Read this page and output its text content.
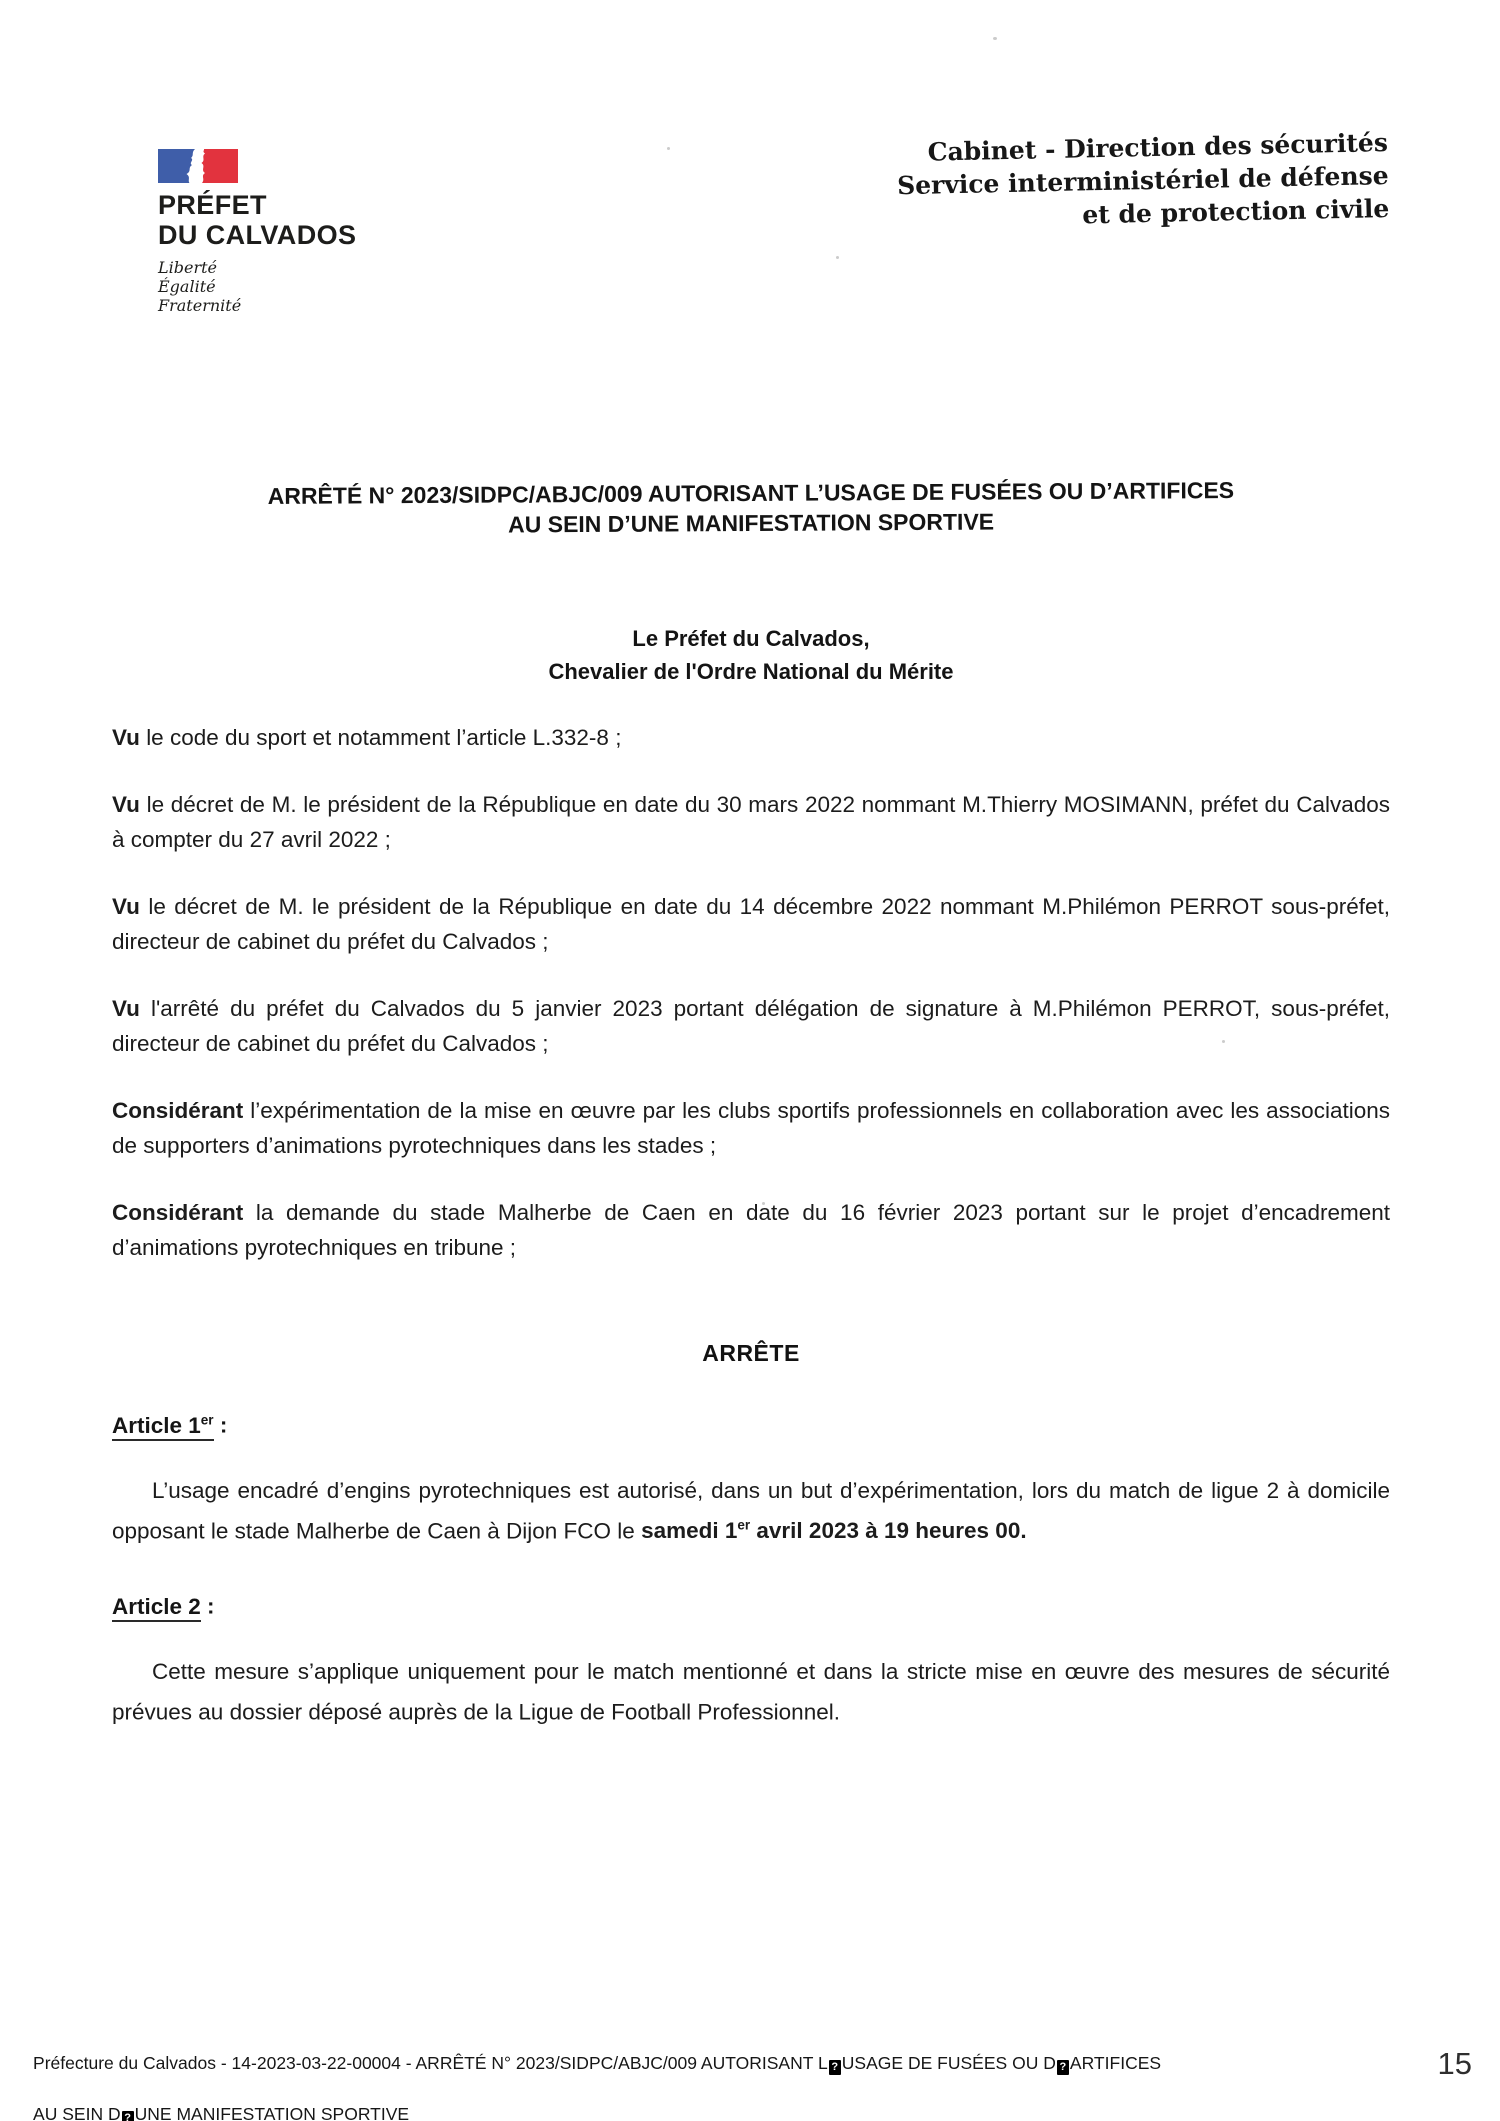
PRÉFET
DU CALVADOS
Liberté
Égalité
Fraternité
Cabinet - Direction des sécurités
Service interministériel de défense
et de protection civile
ARRÊTÉ N° 2023/SIDPC/ABJC/009 AUTORISANT L’USAGE DE FUSÉES OU D’ARTIFICES
AU SEIN D’UNE MANIFESTATION SPORTIVE
Le Préfet du Calvados,
Chevalier de l'Ordre National du Mérite

Vu le code du sport et notamment l’article L.332-8 ;

Vu le décret de M. le président de la République en date du 30 mars 2022 nommant M.Thierry MOSIMANN, préfet du Calvados à compter du 27 avril 2022 ;

Vu le décret de M. le président de la République en date du 14 décembre 2022 nommant M.Philémon PERROT sous-préfet, directeur de cabinet du préfet du Calvados ;

Vu l'arrêté du préfet du Calvados du 5 janvier 2023 portant délégation de signature à M.Philémon PERROT, sous-préfet, directeur de cabinet du préfet du Calvados ;

Considérant l’expérimentation de la mise en œuvre par les clubs sportifs professionnels en collaboration avec les associations de supporters d’animations pyrotechniques dans les stades ;

Considérant la demande du stade Malherbe de Caen en date du 16 février 2023 portant sur le projet d’encadrement d’animations pyrotechniques en tribune ;

ARRÊTE
Article 1er :

L’usage encadré d’engins pyrotechniques est autorisé, dans un but d’expérimentation, lors du match de ligue 2 à domicile opposant le stade Malherbe de Caen à Dijon FCO le samedi 1er avril 2023 à 19 heures 00.

Article 2 :

Cette mesure s’applique uniquement pour le match mentionné et dans la stricte mise en œuvre des mesures de sécurité prévues au dossier déposé auprès de la Ligue de Football Professionnel.

Préfecture du Calvados - 14-2023-03-22-00004 - ARRÊTÉ N° 2023/SIDPC/ABJC/009 AUTORISANT L ? USAGE DE FUSÉES OU D ? ARTIFICES
AU SEIN D ? UNE MANIFESTATION SPORTIVE
15
